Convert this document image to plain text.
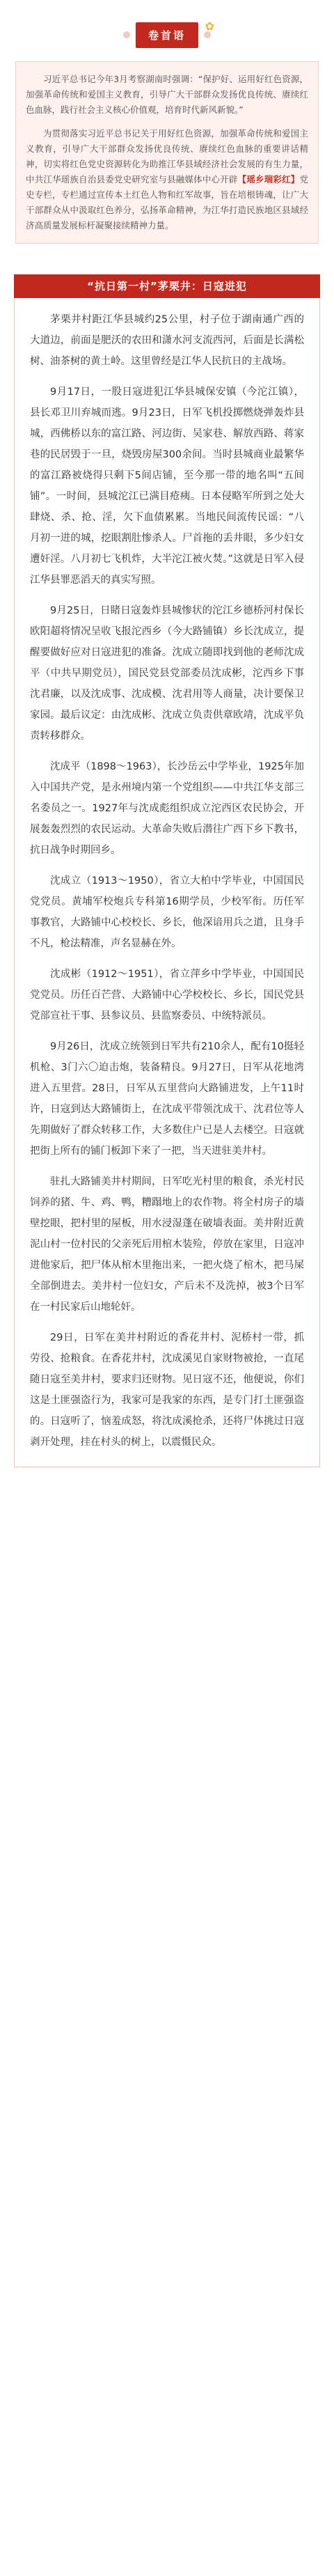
✿
卷首语

习近平总书记今年3月考察湖南时强调：“保护好、运用好红色资源，加强革命传统和爱国主义教育，引导广大干部群众发扬优良传统、赓续红色血脉，践行社会主义核心价值观，培育时代新风新貌。”

为贯彻落实习近平总书记关于用好红色资源，加强革命传统和爱国主义教育，引导广大干部群众发扬优良传统、赓续红色血脉的重要讲话精神，切实将红色党史资源转化为助推江华县域经济社会发展的有生力量，中共江华瑶族自治县委党史研究室与县融媒体中心开辟【瑶乡瑞彩红】党史专栏，专栏通过宣传本土红色人物和红军故事，旨在培根铸魂，让广大干部群众从中汲取红色养分，弘扬革命精神，为江华打造民族地区县域经济高质量发展标杆凝聚接续精神力量。

“抗日第一村”茅栗井：日寇进犯

茅栗井村距江华县城约25公里，村子位于湖南通广西的大道边，前面是肥沃的农田和潇水河支流西河，后面是长满松树、油茶树的黄土岭。这里曾经是江华人民抗日的主战场。

9月17日，一股日寇进犯江华县城保安镇（今沱江镇），县长邓卫川弃城而逃。9月23日，日军飞机投掷燃烧弹轰炸县城，西佛桥以东的富江路、河边街、吴家巷、解放西路、蒋家巷的民居毁于一旦，烧毁房屋300余间。当时县城商业最繁华的富江路被烧得只剩下5间店铺，至今那一带的地名叫“五间铺”。一时间，县城沱江已满目疮痍。日本侵略军所到之处大肆烧、杀、抢、淫，欠下血债累累。当地民间流传民谣：“八月初一进的城，挖眼割肚惨杀人。尸首拖的丢井眼，多少妇女遭奸淫。八月初七飞机炸，大半沱江被火焚。”这就是日军入侵江华县罪恶滔天的真实写照。

9月25日，日睹日寇轰炸县城惨状的沱江乡德桥河村保长欧阳超将情况呈收飞报沱西乡（今大路铺镇）乡长沈成立，提醒要做好应对日寇进犯的准备。沈成立随即找到他的老师沈成平（中共早期党员），国民党县党部委员沈成彬，沱西乡下事沈君廉，以及沈成事、沈成模、沈君用等人商量，决计要保卫家园。最后议定：由沈成彬、沈成立负责供章欧靖，沈成平负责转移群众。

沈成平（1898～1963），长沙岳云中学毕业，1925年加入中国共产党，是永州境内第一个党组织——中共江华支部三名委员之一。1927年与沈成彪组织成立沱西区农民协会，开展轰轰烈烈的农民运动。大革命失败后潜往广西下乡下教书，抗日战争时期回乡。

沈成立（1913～1950），省立大柏中学毕业，中国国民党党员。黄埔军校炮兵专科第16期学员，少校军衔。历任军事教官，大路铺中心校校长、乡长，他深谙用兵之道，且身手不凡，枪法精准，声名显赫在外。

沈成彬（1912～1951），省立萍乡中学毕业，中国国民党党员。历任百芒营、大路铺中心学校校长、乡长，国民党县党部宣社干事、县参议员、县监察委员、中统特派员。

9月26日，沈成立统领到日军共有210余人，配有10挺轻机枪、3门六〇迫击炮，装备精良。9月27日，日军从花地湾进入五里营。28日，日军从五里营向大路铺进发，上午11时许，日寇到达大路铺街上，在沈成平带领沈成干、沈君位等人先期做好了群众转移工作，大多数住户已是人去楼空。日寇就把街上所有的铺门板卸下来了一把，当天进驻美井村。

驻扎大路铺美井村期间，日军吃光村里的粮食，杀光村民饲养的猪、牛、鸡、鸭，糟蹋地上的农作物。将全村房子的墙壁挖眼，把村里的屋板，用水浸湿蓬在破墙表面。美井附近黄泥山村一位村民的父亲死后用棺木装殓，停放在家里，日寇冲进他家后，把尸体从棺木里拖出来，一把火烧了棺木，把马屎全部倒进去。美井村一位妇女，产后未不及洗掉，被3个日军在一村民家后山地轮奸。

29日，日军在美井村附近的香花井村、泥桥村一带，抓劳役、抢粮食。在香花井村，沈成溪见自家财物被抢，一直尾随日寇至美井村，要求归还财物。见日寇不还，他便说，你们这是土匪强盗行为，我家可是我家的东西，是专门打土匪强盗的。日寇听了，恼羞成怒，将沈成溪抢杀，还将尸体挑过日寇剥开处理，挂在村头的树上，以震慑民众。
